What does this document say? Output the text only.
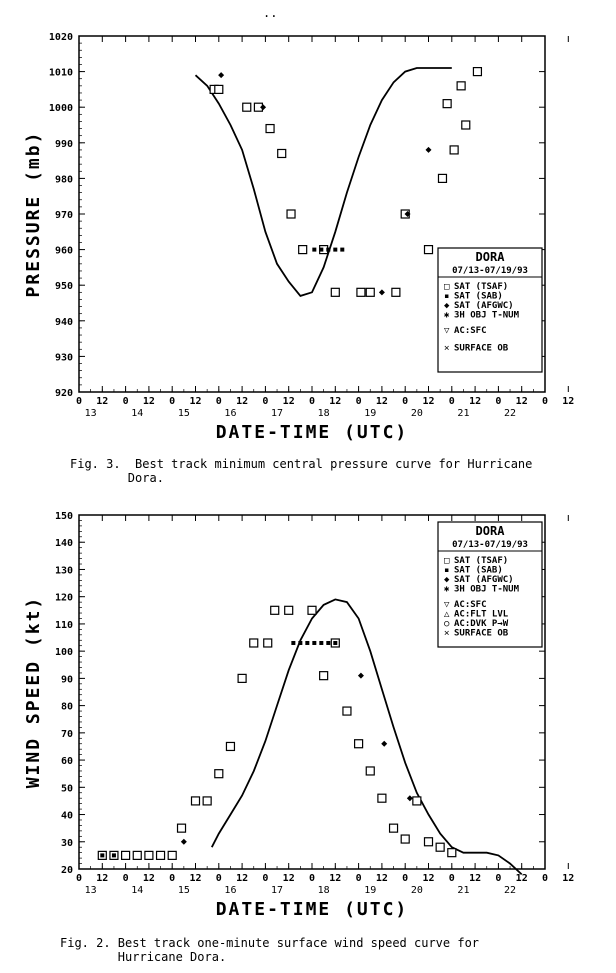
..
920
930
940
950
960
970
980
990
1000
1010
1020
0 12 0 12 0 12 0 12 0 12 0 12 0 12 0 12 0 12 0 12 0 12
13	14	15	16	17	18	19	20	21	22
DATE-TIME (UTC)
PRESSURE (mb)	DORA
07/13-07/19/93
□ SAT (TSAF)
▪ SAT (SAB)
◆ SAT (AFGWC)
✱ 3H OBJ T-NUM
▽ AC:SFC
✕ SURFACE OB
Fig. 3.  Best track minimum central pressure curve for Hurricane
Dora.
20
30
40
50
60
70
80
90
100
110
120
130
140
150
0 12 0 12 0 12 0 12 0 12 0 12 0 12 0 12 0 12 0 12 0 12
13	14	15	16	17	18	19	20	21	22
DATE-TIME (UTC)
WIND SPEED (kt)
DORA
07/13-07/19/93
□ SAT (TSAF)
▪ SAT (SAB)
◆ SAT (AFGWC)
✱ 3H OBJ T-NUM
▽ AC:SFC
△ AC:FLT LVL
○ AC:DVK P→W
✕ SURFACE OB
Fig. 2. Best track one-minute surface wind speed curve for
Hurricane Dora.
